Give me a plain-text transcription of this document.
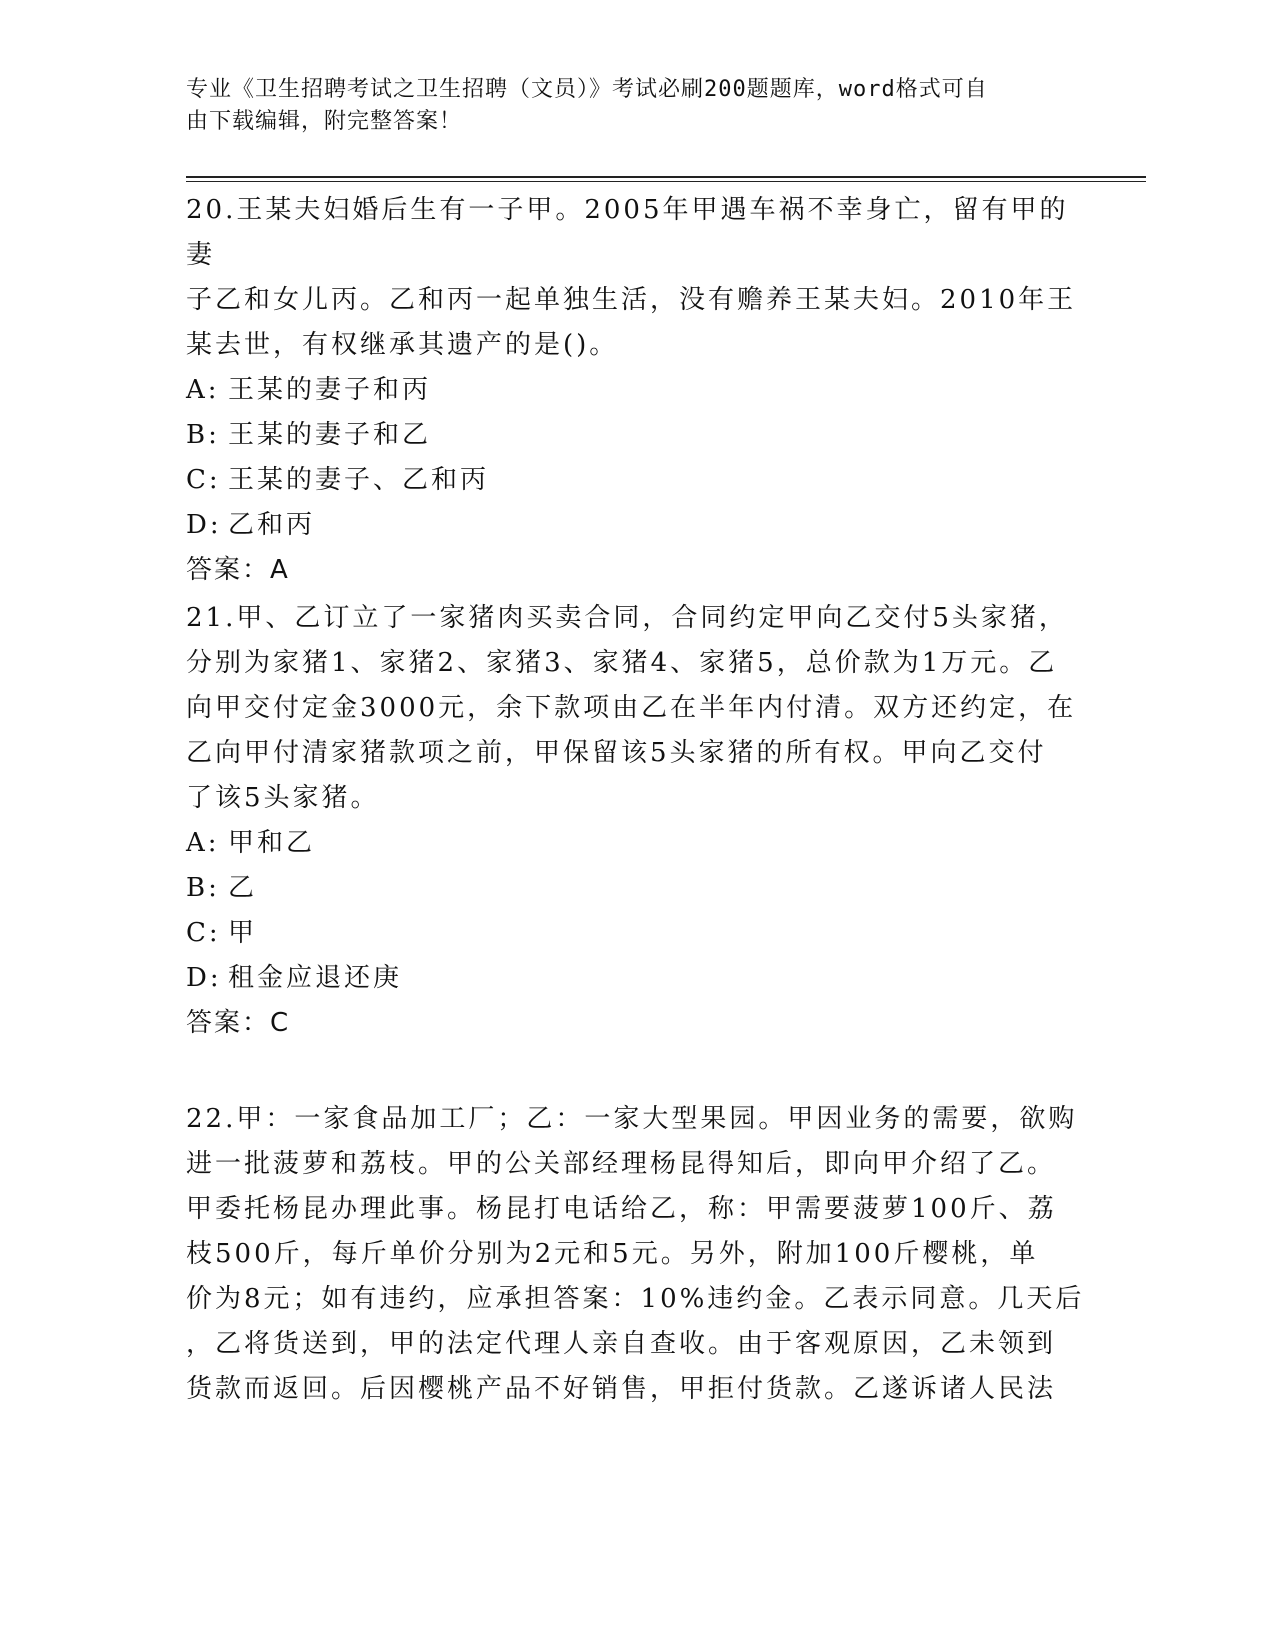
专业《卫生招聘考试之卫生招聘（文员）》考试必刷200题题库，word格式可自
由下载编辑，附完整答案！

20.王某夫妇婚后生有一子甲。2005年甲遇车祸不幸身亡，留有甲的妻
子乙和女儿丙。乙和丙一起单独生活，没有赡养王某夫妇。2010年王
某去世，有权继承其遗产的是()。

A: 王某的妻子和丙

B: 王某的妻子和乙

C: 王某的妻子、乙和丙

D: 乙和丙

答案：A

21.甲、乙订立了一家猪肉买卖合同，合同约定甲向乙交付5头家猪，
分别为家猪1、家猪2、家猪3、家猪4、家猪5，总价款为1万元。乙
向甲交付定金3000元，余下款项由乙在半年内付清。双方还约定，在
乙向甲付清家猪款项之前，甲保留该5头家猪的所有权。甲向乙交付
了该5头家猪。

A: 甲和乙

B: 乙

C: 甲

D: 租金应退还庚

答案：C

22.甲：一家食品加工厂；乙：一家大型果园。甲因业务的需要，欲购
进一批菠萝和荔枝。甲的公关部经理杨昆得知后，即向甲介绍了乙。
甲委托杨昆办理此事。杨昆打电话给乙，称：甲需要菠萝100斤、荔
枝500斤，每斤单价分别为2元和5元。另外，附加100斤樱桃，单
价为8元；如有违约，应承担答案：10%违约金。乙表示同意。几天后
，乙将货送到，甲的法定代理人亲自查收。由于客观原因，乙未领到
货款而返回。后因樱桃产品不好销售，甲拒付货款。乙遂诉诸人民法
